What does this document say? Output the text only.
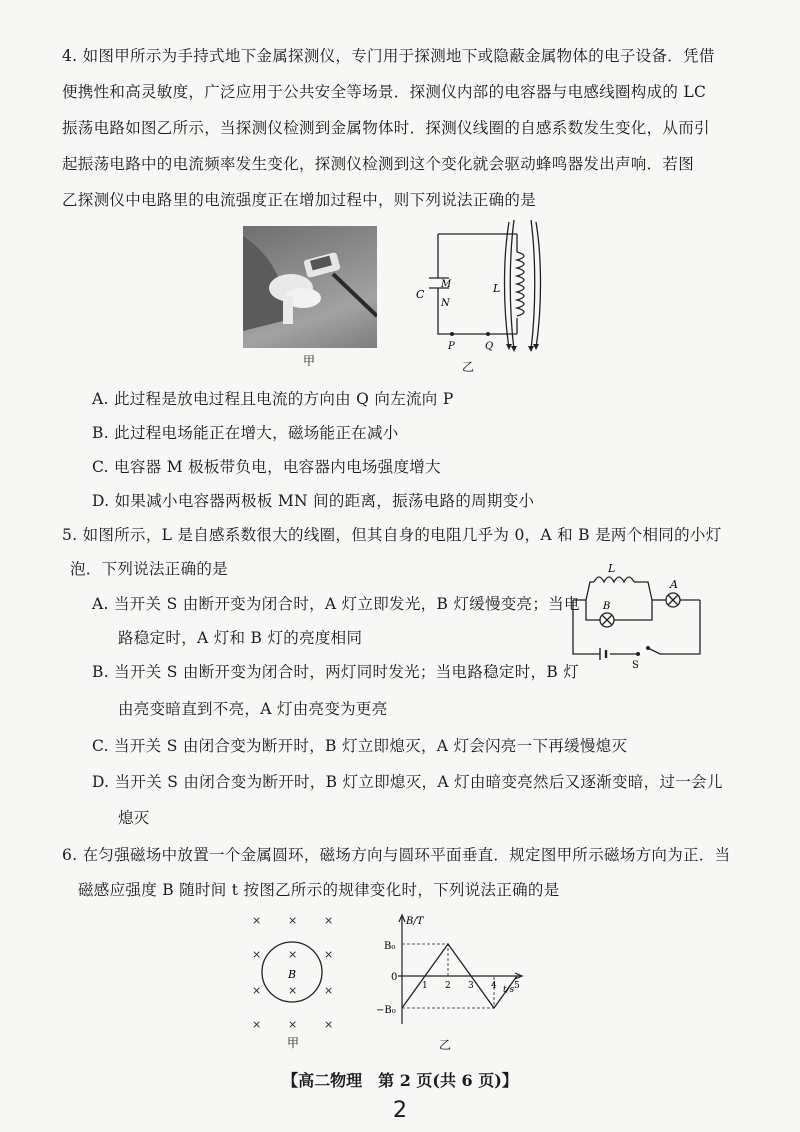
4. 如图甲所示为手持式地下金属探测仪，专门用于探测地下或隐蔽金属物体的电子设备．凭借
便携性和高灵敏度，广泛应用于公共安全等场景．探测仪内部的电容器与电感线圈构成的 LC
振荡电路如图乙所示，当探测仪检测到金属物体时．探测仪线圈的自感系数发生变化，从而引
起振荡电路中的电流频率发生变化，探测仪检测到这个变化就会驱动蜂鸣器发出声响．若图
乙探测仪中电路里的电流强度正在增加过程中，则下列说法正确的是
甲
C
M
N
L
P	Q
乙
A. 此过程是放电过程且电流的方向由 Q 向左流向 P
B. 此过程电场能正在增大，磁场能正在减小
C. 电容器 M 极板带负电，电容器内电场强度增大
D. 如果减小电容器两极板 MN 间的距离，振荡电路的周期变小
5. 如图所示，L 是自感系数很大的线圈，但其自身的电阻几乎为 0，A 和 B 是两个相同的小灯
泡．下列说法正确的是
A. 当开关 S 由断开变为闭合时，A 灯立即发光，B 灯缓慢变亮；当电
路稳定时，A 灯和 B 灯的亮度相同
B. 当开关 S 由断开变为闭合时，两灯同时发光；当电路稳定时，B 灯
由亮变暗直到不亮，A 灯由亮变为更亮
C. 当开关 S 由闭合变为断开时，B 灯立即熄灭，A 灯会闪亮一下再缓慢熄灭
D. 当开关 S 由闭合变为断开时，B 灯立即熄灭，A 灯由暗变亮然后又逐渐变暗，过一会儿
熄灭
L
A
B
S
6. 在匀强磁场中放置一个金属圆环，磁场方向与圆环平面垂直．规定图甲所示磁场方向为正．当
磁感应强度 B 随时间 t 按图乙所示的规律变化时，下列说法正确的是
× × ×
× × ×
× × ×
× × ×
B
甲
B/T
t/s
0
B₀
−B₀
1 2 3 4 5
乙
【高二物理　第 2 页(共 6 页)】
2
